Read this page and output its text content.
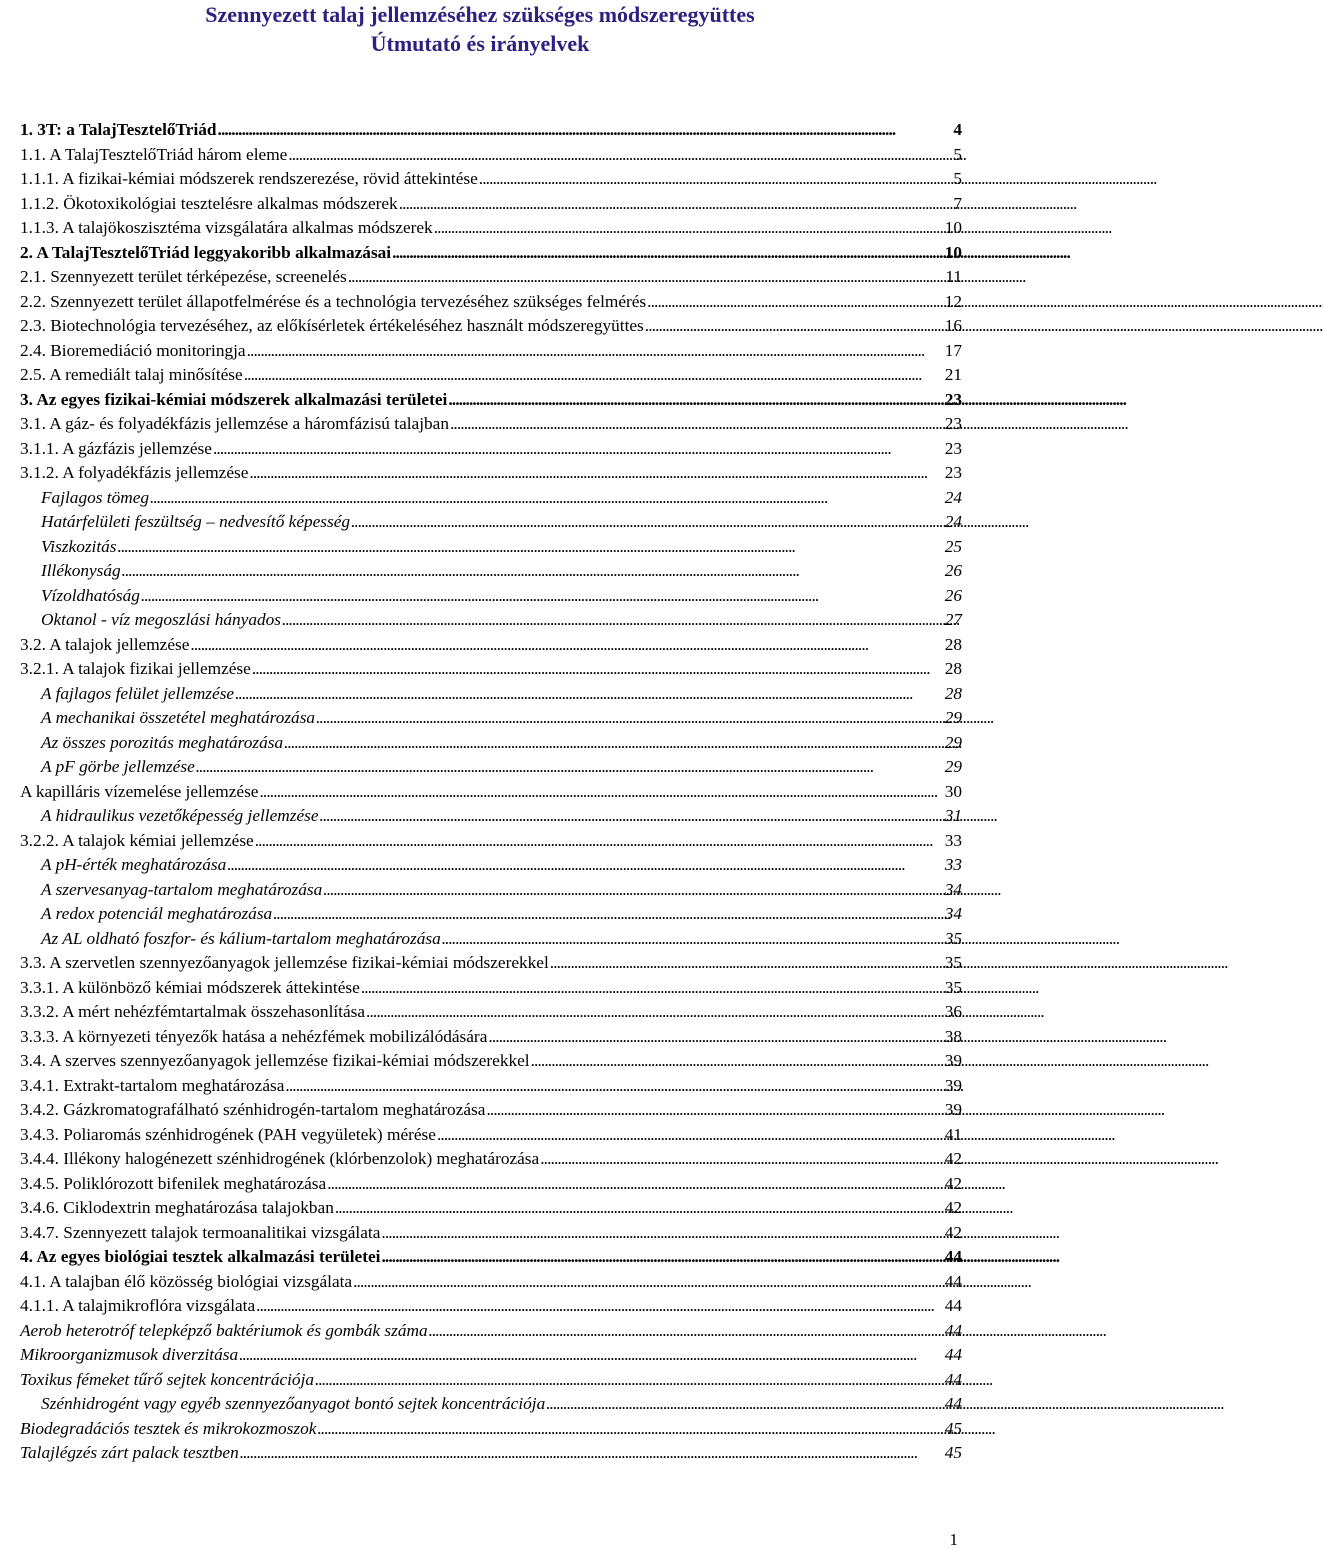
Szennyezett talaj jellemzéséhez szükséges módszeregyüttes
Útmutató és irányelvek
1. 3T: a TalajTesztelőTriád . . .	4
1.1. A TalajTesztelőTriád három eleme . . .	5
1.1.1. A fizikai-kémiai módszerek rendszerezése, rövid áttekintése . . .	5
1.1.2. Ökotoxikológiai tesztelésre alkalmas módszerek . . .	7
1.1.3. A talajökoszisztéma vizsgálatára alkalmas módszerek . . .	10
2. A TalajTesztelőTriád leggyakoribb alkalmazásai . . .	10
2.1. Szennyezett terület térképezése, screenelés . . .	11
2.2. Szennyezett terület állapotfelmérése és a technológia tervezéséhez szükséges felmérés . . .	12
2.3. Biotechnológia tervezéséhez, az előkísérletek értékeléséhez használt módszeregyüttes . . .	16
2.4. Bioremediáció monitoringja . . .	17
2.5. A remediált talaj minősítése . . .	21
3. Az egyes fizikai-kémiai módszerek alkalmazási területei . . .	23
3.1. A gáz- és folyadékfázis jellemzése a háromfázisú talajban . . .	23
3.1.1. A gázfázis jellemzése . . .	23
3.1.2. A folyadékfázis jellemzése . . .	23
Fajlagos tömeg . . .	24
Határfelületi feszültség – nedvesítő képesség . . .	24
Viszkozitás . . .	25
Illékonyság . . .	26
Vízoldhatóság . . .	26
Oktanol - víz megoszlási hányados . . .	27
3.2. A talajok jellemzése . . .	28
3.2.1. A talajok fizikai jellemzése . . .	28
A fajlagos felület jellemzése . . .	28
A mechanikai összetétel meghatározása . . .	29
Az összes porozitás meghatározása . . .	29
A pF görbe jellemzése . . .	29
A kapilláris vízemelése jellemzése . . .	30
A hidraulikus vezetőképesség jellemzése . . .	31
3.2.2. A talajok kémiai jellemzése . . .	33
A pH-érték meghatározása . . .	33
A szervesanyag-tartalom meghatározása . . .	34
A redox potenciál meghatározása . . .	34
Az AL oldható foszfor- és kálium-tartalom meghatározása . . .	35
3.3. A szervetlen szennyezőanyagok jellemzése fizikai-kémiai módszerekkel . . .	35
3.3.1. A különböző kémiai módszerek áttekintése . . .	35
3.3.2. A mért nehézfémtartalmak összehasonlítása . . .	36
3.3.3. A környezeti tényezők hatása a nehézfémek mobilizálódására . . .	38
3.4. A szerves szennyezőanyagok jellemzése fizikai-kémiai módszerekkel . . .	39
3.4.1. Extrakt-tartalom meghatározása . . .	39
3.4.2. Gázkromatografálható szénhidrogén-tartalom meghatározása . . .	39
3.4.3. Poliaromás szénhidrogének (PAH vegyületek) mérése . . .	41
3.4.4. Illékony halogénezett szénhidrogének (klórbenzolok) meghatározása . . .	42
3.4.5. Poliklórozott bifenilek meghatározása . . .	42
3.4.6. Ciklodextrin meghatározása talajokban . . .	42
3.4.7. Szennyezett talajok termoanalitikai vizsgálata . . .	42
4. Az egyes biológiai tesztek alkalmazási területei . . .	44
4.1. A talajban élő közösség biológiai vizsgálata . . .	44
4.1.1. A talajmikroflóra vizsgálata . . .	44
Aerob heterotróf telepképző baktériumok és gombák száma . . .	44
Mikroorganizmusok diverzitása . . .	44
Toxikus fémeket tűrő sejtek koncentrációja . . .	44
Szénhidrogént vagy egyéb szennyezőanyagot bontó sejtek koncentrációja . . .	44
Biodegradációs tesztek és mikrokozmoszok . . .	45
Talajlégzés zárt palack tesztben . . .	45
1
